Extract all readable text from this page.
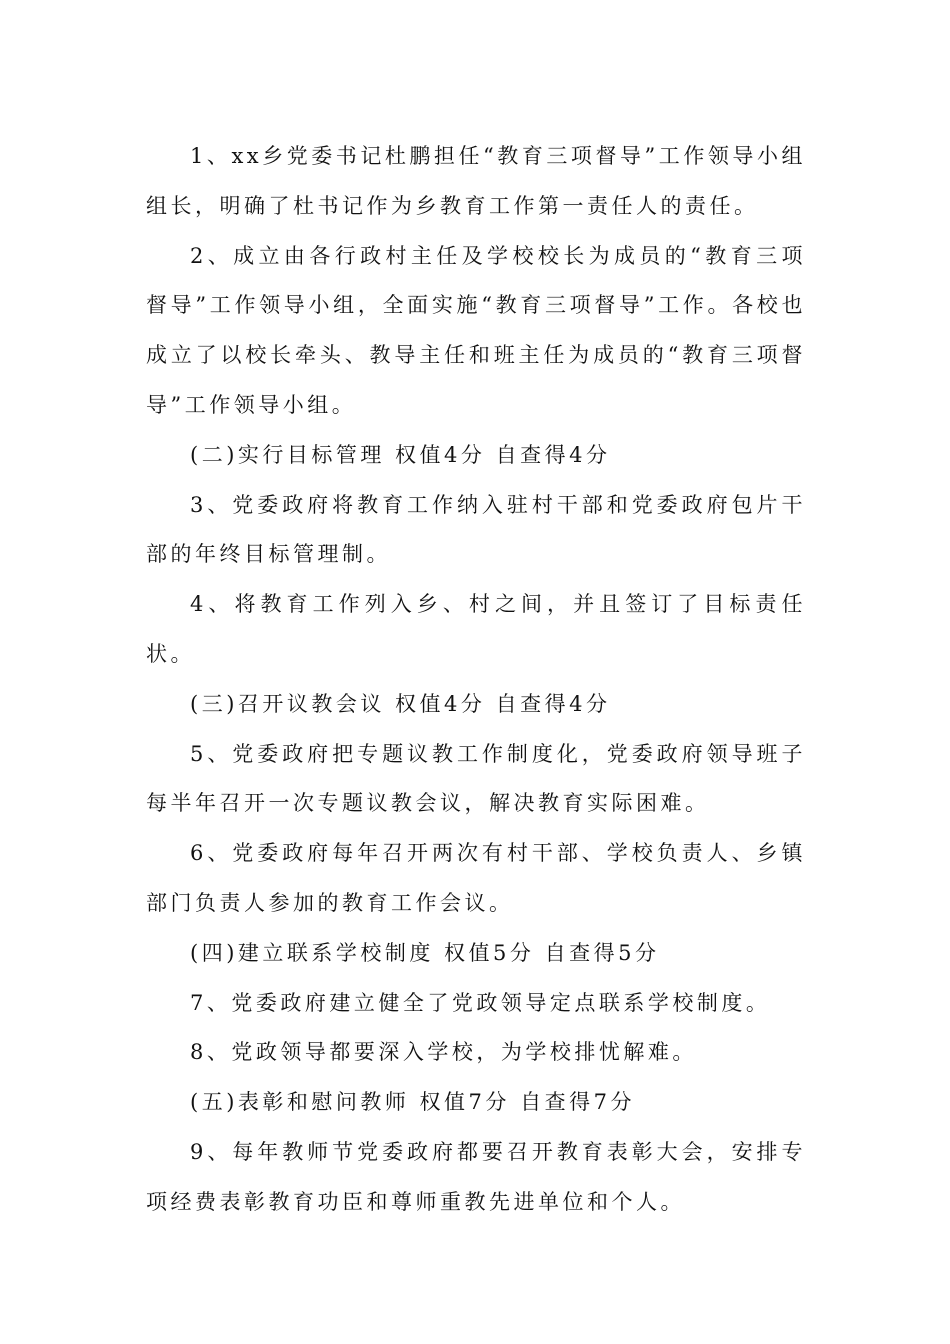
1、xx乡党委书记杜鹏担任“教育三项督导”工作领导小组组长，明确了杜书记作为乡教育工作第一责任人的责任。

2、成立由各行政村主任及学校校长为成员的“教育三项督导”工作领导小组，全面实施“教育三项督导”工作。各校也成立了以校长牵头、教导主任和班主任为成员的“教育三项督导”工作领导小组。

(二)实行目标管理 权值4分 自查得4分

3、党委政府将教育工作纳入驻村干部和党委政府包片干部的年终目标管理制。

4、将教育工作列入乡、村之间，并且签订了目标责任状。

(三)召开议教会议 权值4分 自查得4分

5、党委政府把专题议教工作制度化，党委政府领导班子每半年召开一次专题议教会议，解决教育实际困难。

6、党委政府每年召开两次有村干部、学校负责人、乡镇部门负责人参加的教育工作会议。

(四)建立联系学校制度 权值5分 自查得5分

7、党委政府建立健全了党政领导定点联系学校制度。

8、党政领导都要深入学校，为学校排忧解难。

(五)表彰和慰问教师 权值7分 自查得7分

9、每年教师节党委政府都要召开教育表彰大会，安排专项经费表彰教育功臣和尊师重教先进单位和个人。
